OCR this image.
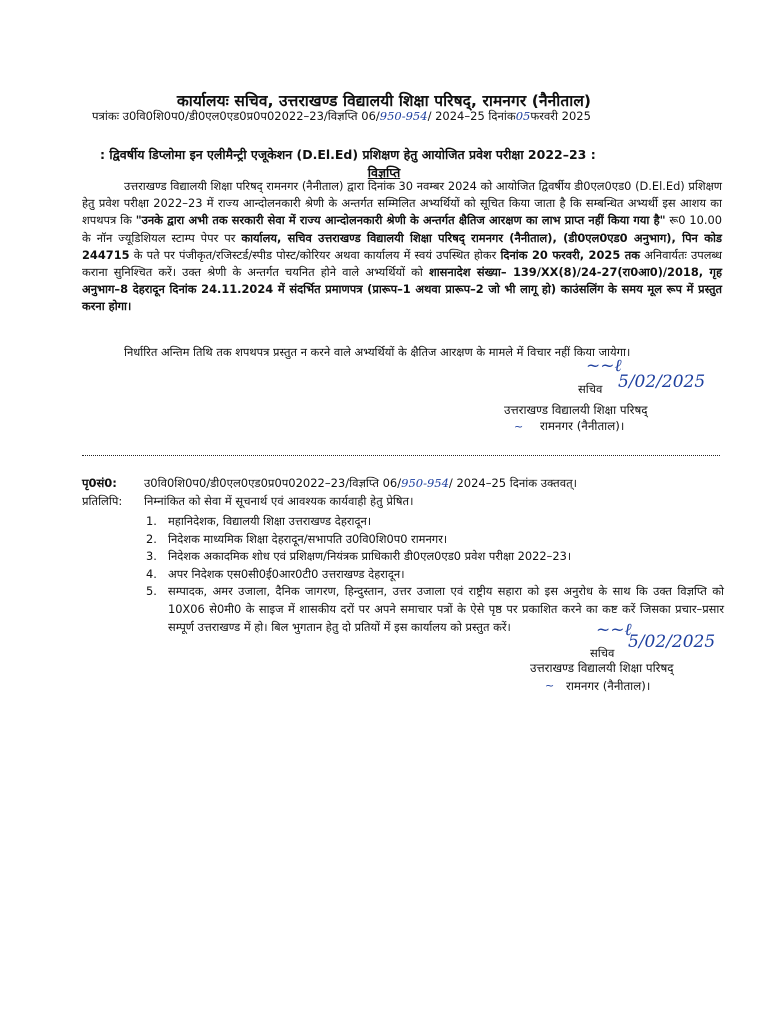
कार्यालयः सचिव, उत्तराखण्ड विद्यालयी शिक्षा परिषद्, रामनगर (नैनीताल)
पत्रांकः उ0वि0शि0प0/डी0एल0एड0प्र0प02022–23/विज्ञप्ति 06/950-954/ 2024–25 दिनांक05फरवरी 2025
: द्विवर्षीय डिप्लोमा इन एलीमैन्ट्री एजूकेशन (D.El.Ed) प्रशिक्षण हेतु आयोजित प्रवेश परीक्षा 2022–23 :
विज्ञप्ति

उत्तराखण्ड विद्यालयी शिक्षा परिषद् रामनगर (नैनीताल) द्वारा दिनांक 30 नवम्बर 2024 को आयोजित द्विवर्षीय डी0एल0एड0 (D.El.Ed) प्रशिक्षण हेतु प्रवेश परीक्षा 2022–23 में राज्य आन्दोलनकारी श्रेणी के अन्तर्गत सम्मिलित अभ्यर्थियों को सूचित किया जाता है कि सम्बन्धित अभ्यर्थी इस आशय का शपथपत्र कि "उनके द्वारा अभी तक सरकारी सेवा में राज्य आन्दोलनकारी श्रेणी के अन्तर्गत क्षैतिज आरक्षण का लाभ प्राप्त नहीं किया गया है" रू0 10.00 के नॉन ज्यूडिशियल स्टाम्प पेपर पर कार्यालय, सचिव उत्तराखण्ड विद्यालयी शिक्षा परिषद् रामनगर (नैनीताल), (डी0एल0एड0 अनुभाग), पिन कोड 244715 के पते पर पंजीकृत/रजिस्टर्ड/स्पीड पोस्ट/कोरियर अथवा कार्यालय में स्वयं उपस्थित होकर दिनांक 20 फरवरी, 2025 तक अनिवार्यतः उपलब्ध कराना सुनिश्चित करें। उक्त श्रेणी के अन्तर्गत चयनित होने वाले अभ्यर्थियों को शासनादेश संख्या– 139/XX(8)/24-27(रा0आ0)/2018, गृह अनुभाग–8 देहरादून दिनांक 24.11.2024 में संदर्भित प्रमाणपत्र (प्रारूप–1 अथवा प्रारूप–2 जो भी लागू हो) काउंसलिंग के समय मूल रूप में प्रस्तुत करना होगा।

निर्धारित अन्तिम तिथि तक शपथपत्र प्रस्तुत न करने वाले अभ्यर्थियों के क्षैतिज आरक्षण के मामले में विचार नहीं किया जायेगा।

~~ℓ
सचिव 5/02/2025
उत्तराखण्ड विद्यालयी शिक्षा परिषद्
~ रामनगर (नैनीताल)।
पृ0सं0: उ0वि0शि0प0/डी0एल0एड0प्र0प02022–23/विज्ञप्ति 06/950-954/ 2024–25 दिनांक उक्तवत्।
प्रतिलिपि: निम्नांकित को सेवा में सूचनार्थ एवं आवश्यक कार्यवाही हेतु प्रेषित।
1. महानिदेशक, विद्यालयी शिक्षा उत्तराखण्ड देहरादून।
2. निदेशक माध्यमिक शिक्षा देहरादून/सभापति उ0वि0शि0प0 रामनगर।
3. निदेशक अकादमिक शोध एवं प्रशिक्षण/नियंत्रक प्राधिकारी डी0एल0एड0 प्रवेश परीक्षा 2022–23।
4. अपर निदेशक एस0सी0ई0आर0टी0 उत्तराखण्ड देहरादून।
5. सम्पादक, अमर उजाला, दैनिक जागरण, हिन्दुस्तान, उत्तर उजाला एवं राष्ट्रीय सहारा को इस अनुरोध के साथ कि उक्त विज्ञप्ति को 10X06 से0मी0 के साइज में शासकीय दरों पर अपने समाचार पत्रों के ऐसे पृष्ठ पर प्रकाशित करने का कष्ट करें जिसका प्रचार–प्रसार सम्पूर्ण उत्तराखण्ड में हो। बिल भुगतान हेतु दो प्रतियों में इस कार्यालय को प्रस्तुत करें।	~~ℓ
सचिव
5/02/2025
उत्तराखण्ड विद्यालयी शिक्षा परिषद्
~ रामनगर (नैनीताल)।
